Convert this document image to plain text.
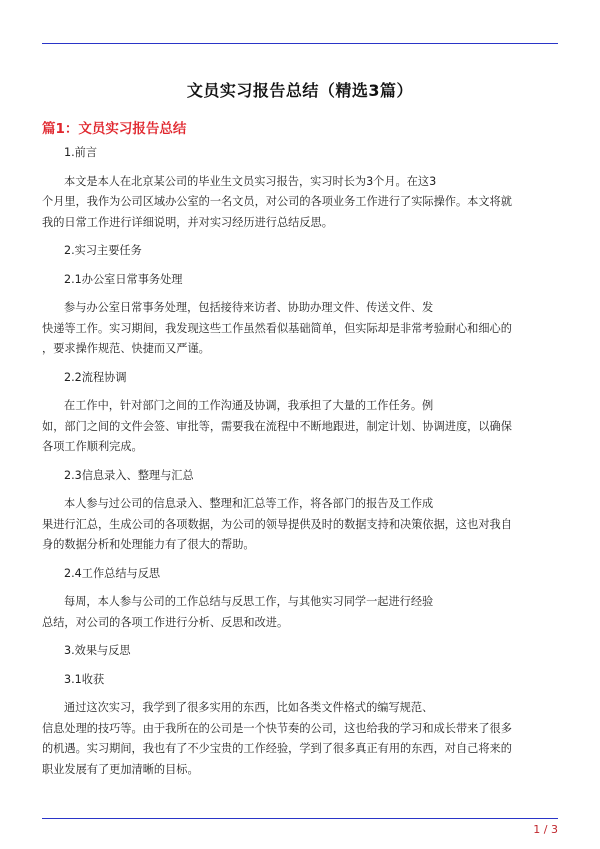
文员实习报告总结（精选3篇）
篇1：文员实习报告总结

1.前言

本文是本人在北京某公司的毕业生文员实习报告，实习时长为3个月。在这3
个月里，我作为公司区域办公室的一名文员，对公司的各项业务工作进行了实际操作。本文将就
我的日常工作进行详细说明，并对实习经历进行总结反思。

2.实习主要任务

2.1办公室日常事务处理

参与办公室日常事务处理，包括接待来访者、协助办理文件、传送文件、发
快递等工作。实习期间，我发现这些工作虽然看似基础简单，但实际却是非常考验耐心和细心的
，要求操作规范、快捷而又严谨。

2.2流程协调

在工作中，针对部门之间的工作沟通及协调，我承担了大量的工作任务。例
如，部门之间的文件会签、审批等，需要我在流程中不断地跟进，制定计划、协调进度，以确保
各项工作顺利完成。

2.3信息录入、整理与汇总

本人参与过公司的信息录入、整理和汇总等工作，将各部门的报告及工作成
果进行汇总，生成公司的各项数据，为公司的领导提供及时的数据支持和决策依据，这也对我自
身的数据分析和处理能力有了很大的帮助。

2.4工作总结与反思

每周，本人参与公司的工作总结与反思工作，与其他实习同学一起进行经验
总结，对公司的各项工作进行分析、反思和改进。

3.效果与反思

3.1收获

通过这次实习，我学到了很多实用的东西，比如各类文件格式的编写规范、
信息处理的技巧等。由于我所在的公司是一个快节奏的公司，这也给我的学习和成长带来了很多
的机遇。实习期间，我也有了不少宝贵的工作经验，学到了很多真正有用的东西，对自己将来的
职业发展有了更加清晰的目标。

1 / 3
